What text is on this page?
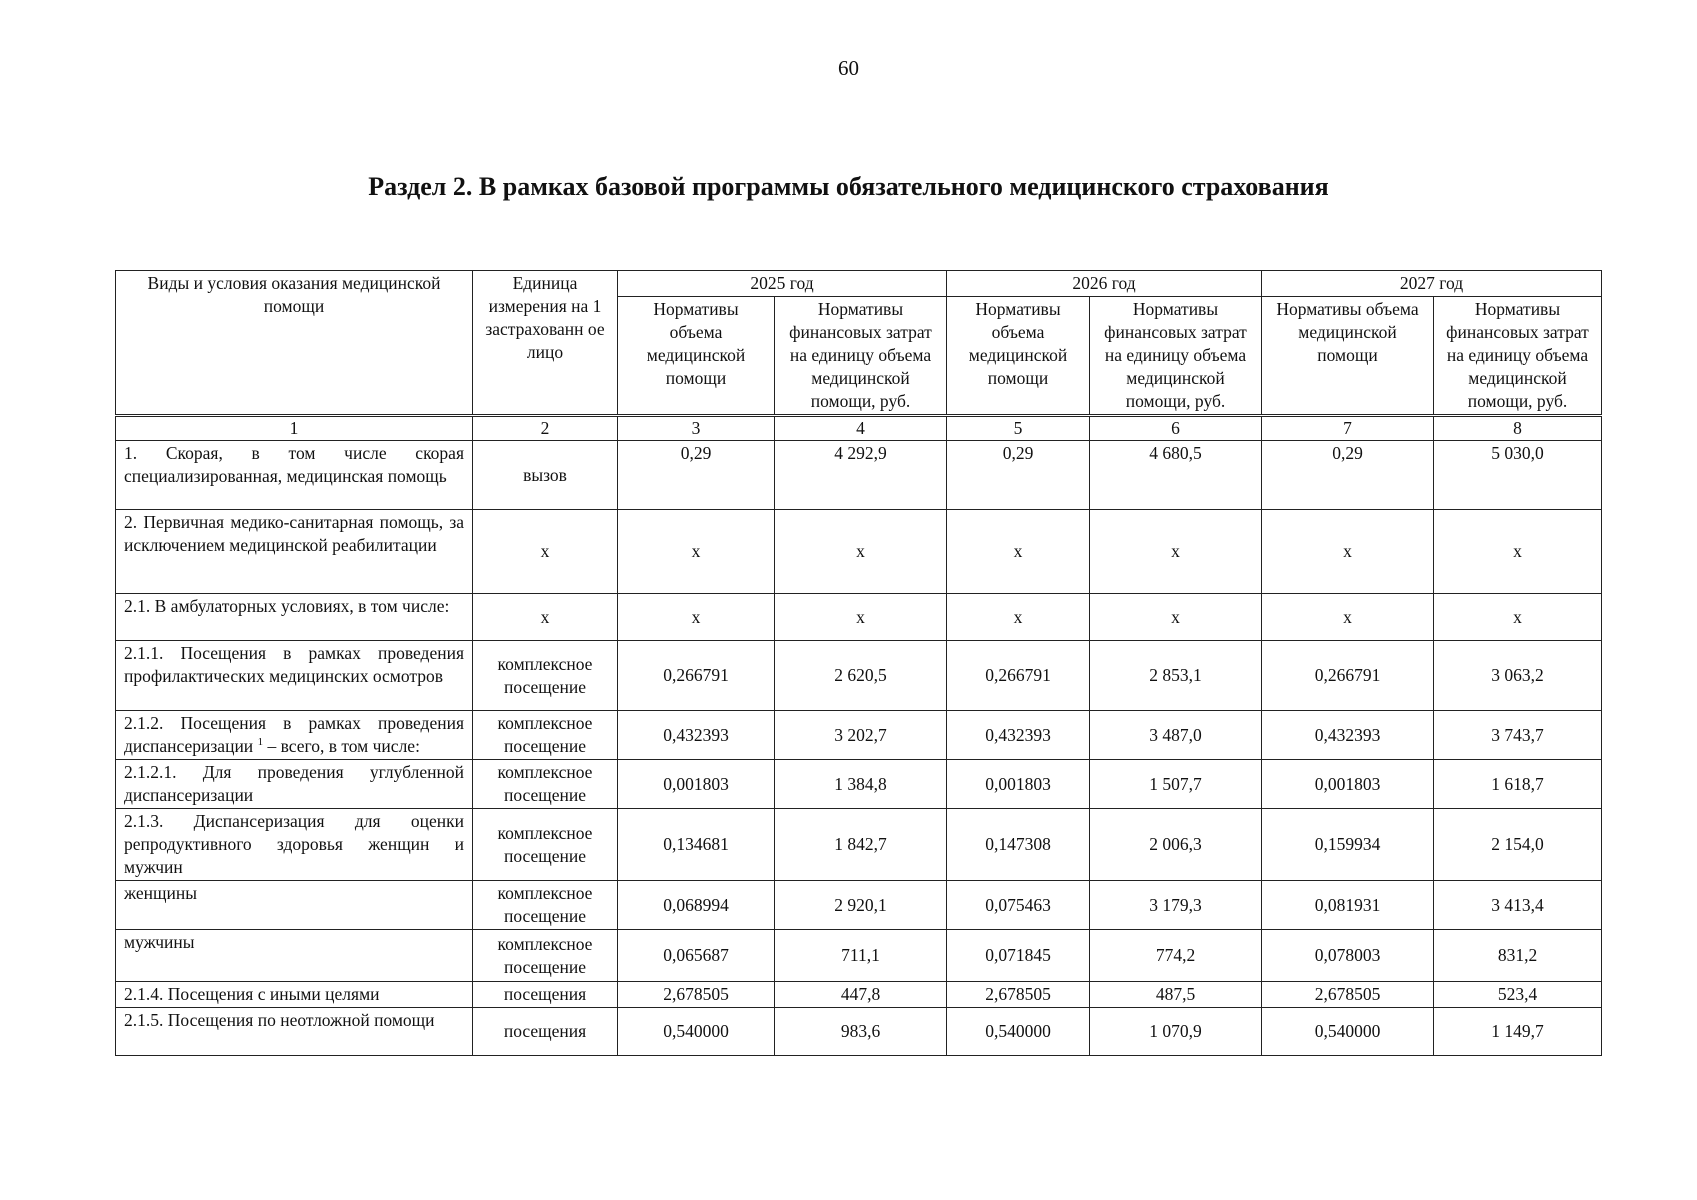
60
Раздел 2. В рамках базовой программы обязательного медицинского страхования
Виды и условия оказания медицинской помощи	Единица измерения на 1 застрахованн ое лицо	2025 год		2026 год		2027 год	
		Нормативы объема медицинской помощи	Нормативы финансовых затрат на единицу объема медицинской помощи, руб.	Нормативы объема медицинской помощи	Нормативы финансовых затрат на единицу объема медицинской помощи, руб.	Нормативы объема медицинской помощи	Нормативы финансовых затрат на единицу объема медицинской помощи, руб.
1	2	3	4	5	6	7	8
1. Скорая, в том числе скорая специализированная, медицинская помощь	вызов	0,29	4 292,9	0,29	4 680,5	0,29	5 030,0
2. Первичная медико-санитарная помощь, за исключением медицинской реабилитации	х	х	х	х	х	х	х
2.1. В амбулаторных условиях, в том числе:	х	х	х	х	х	х	х
2.1.1. Посещения в рамках проведения профилактических медицинских осмотров	комплексное посещение	0,266791	2 620,5	0,266791	2 853,1	0,266791	3 063,2
2.1.2. Посещения в рамках проведения диспансеризации $^1$ – всего, в том числе:	комплексное посещение	0,432393	3 202,7	0,432393	3 487,0	0,432393	3 743,7
2.1.2.1. Для проведения углубленной диспансеризации	комплексное посещение	0,001803	1 384,8	0,001803	1 507,7	0,001803	1 618,7
2.1.3. Диспансеризация для оценки репродуктивного здоровья женщин и мужчин	комплексное посещение	0,134681	1 842,7	0,147308	2 006,3	0,159934	2 154,0
женщины	комплексное посещение	0,068994	2 920,1	0,075463	3 179,3	0,081931	3 413,4
мужчины	комплексное посещение	0,065687	711,1	0,071845	774,2	0,078003	831,2
2.1.4. Посещения с иными целями	посещения	2,678505	447,8	2,678505	487,5	2,678505	523,4
2.1.5. Посещения по неотложной помощи	посещения	0,540000	983,6	0,540000	1 070,9	0,540000	1 149,7
